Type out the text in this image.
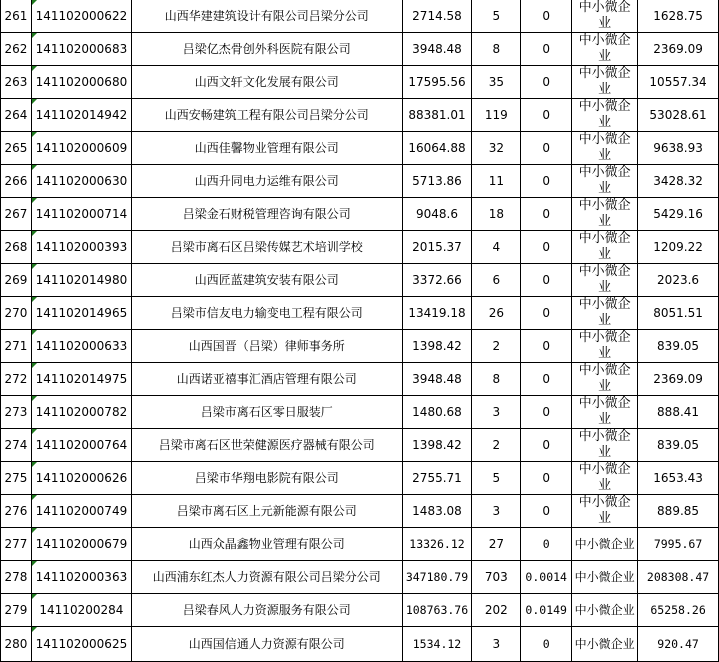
261	141102000622	山西华建建筑设计有限公司吕梁分公司	2714.58	5	0	中小微企业	1628.75
262	141102000683	吕梁亿杰骨创外科医院有限公司	3948.48	8	0	中小微企业	2369.09
263	141102000680	山西文轩文化发展有限公司	17595.56	35	0	中小微企业	10557.34
264	141102014942	山西安畅建筑工程有限公司吕梁分公司	88381.01	119	0	中小微企业	53028.61
265	141102000609	山西佳馨物业管理有限公司	16064.88	32	0	中小微企业	9638.93
266	141102000630	山西升同电力运维有限公司	5713.86	11	0	中小微企业	3428.32
267	141102000714	吕梁金石财税管理咨询有限公司	9048.6	18	0	中小微企业	5429.16
268	141102000393	吕梁市离石区吕梁传媒艺术培训学校	2015.37	4	0	中小微企业	1209.22
269	141102014980	山西匠蓝建筑安装有限公司	3372.66	6	0	中小微企业	2023.6
270	141102014965	吕梁市信友电力输变电工程有限公司	13419.18	26	0	中小微企业	8051.51
271	141102000633	山西国晋（吕梁）律师事务所	1398.42	2	0	中小微企业	839.05
272	141102014975	山西诺亚禧事汇酒店管理有限公司	3948.48	8	0	中小微企业	2369.09
273	141102000782	吕梁市离石区零日服装厂	1480.68	3	0	中小微企业	888.41
274	141102000764	吕梁市离石区世荣健源医疗器械有限公司	1398.42	2	0	中小微企业	839.05
275	141102000626	吕梁市华翔电影院有限公司	2755.71	5	0	中小微企业	1653.43
276	141102000749	吕梁市离石区上元新能源有限公司	1483.08	3	0	中小微企业	889.85
277	141102000679	山西众晶鑫物业管理有限公司	13326.12	27	0	中小微企业	7995.67
278	141102000363	山西浦东红杰人力资源有限公司吕梁分公司	347180.79	703	0.0014	中小微企业	208308.47
279	14110200284	吕梁春风人力资源服务有限公司	108763.76	202	0.0149	中小微企业	65258.26
280	141102000625	山西国信通人力资源有限公司	1534.12	3	0	中小微企业	920.47
